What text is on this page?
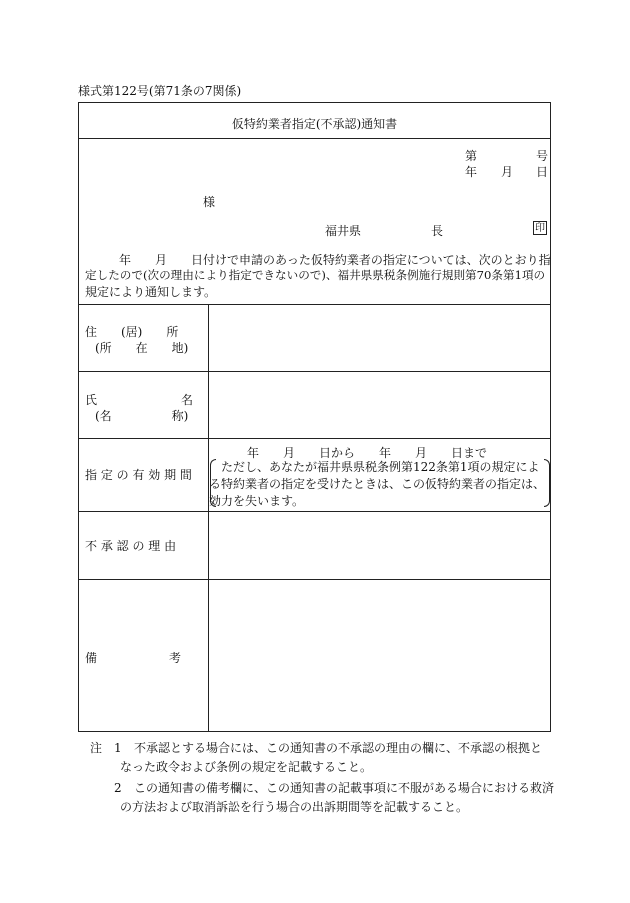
様式第122号(第71条の7関係)
仮特約業者指定(不承認)通知書
第	号
年 月 日
様
福井県	長	印
年　　月　　日付けで申請のあった仮特約業者の指定については、次のとおり指
定したので(次の理由により指定できないので)、福井県県税条例施行規則第70条第1項の
規定により通知します。
住　　(居)　　所
(所　　在　　地)
氏　　　　　　　名
(名　　　　　称)
指 定 の 有 効 期 間
年　　月　　日から　　年　　月　　日まで
ただし、あなたが福井県県税条例第122条第1項の規定による特約業者の指定を受けたときは、この仮特約業者の指定は、効力を失います。
不 承 認 の 理 由
備　　　　　　考
注 1 不承認とする場合には、この通知書の不承認の理由の欄に、不承認の根拠と
なった政令および条例の規定を記載すること。
2 この通知書の備考欄に、この通知書の記載事項に不服がある場合における救済
の方法および取消訴訟を行う場合の出訴期間等を記載すること。
